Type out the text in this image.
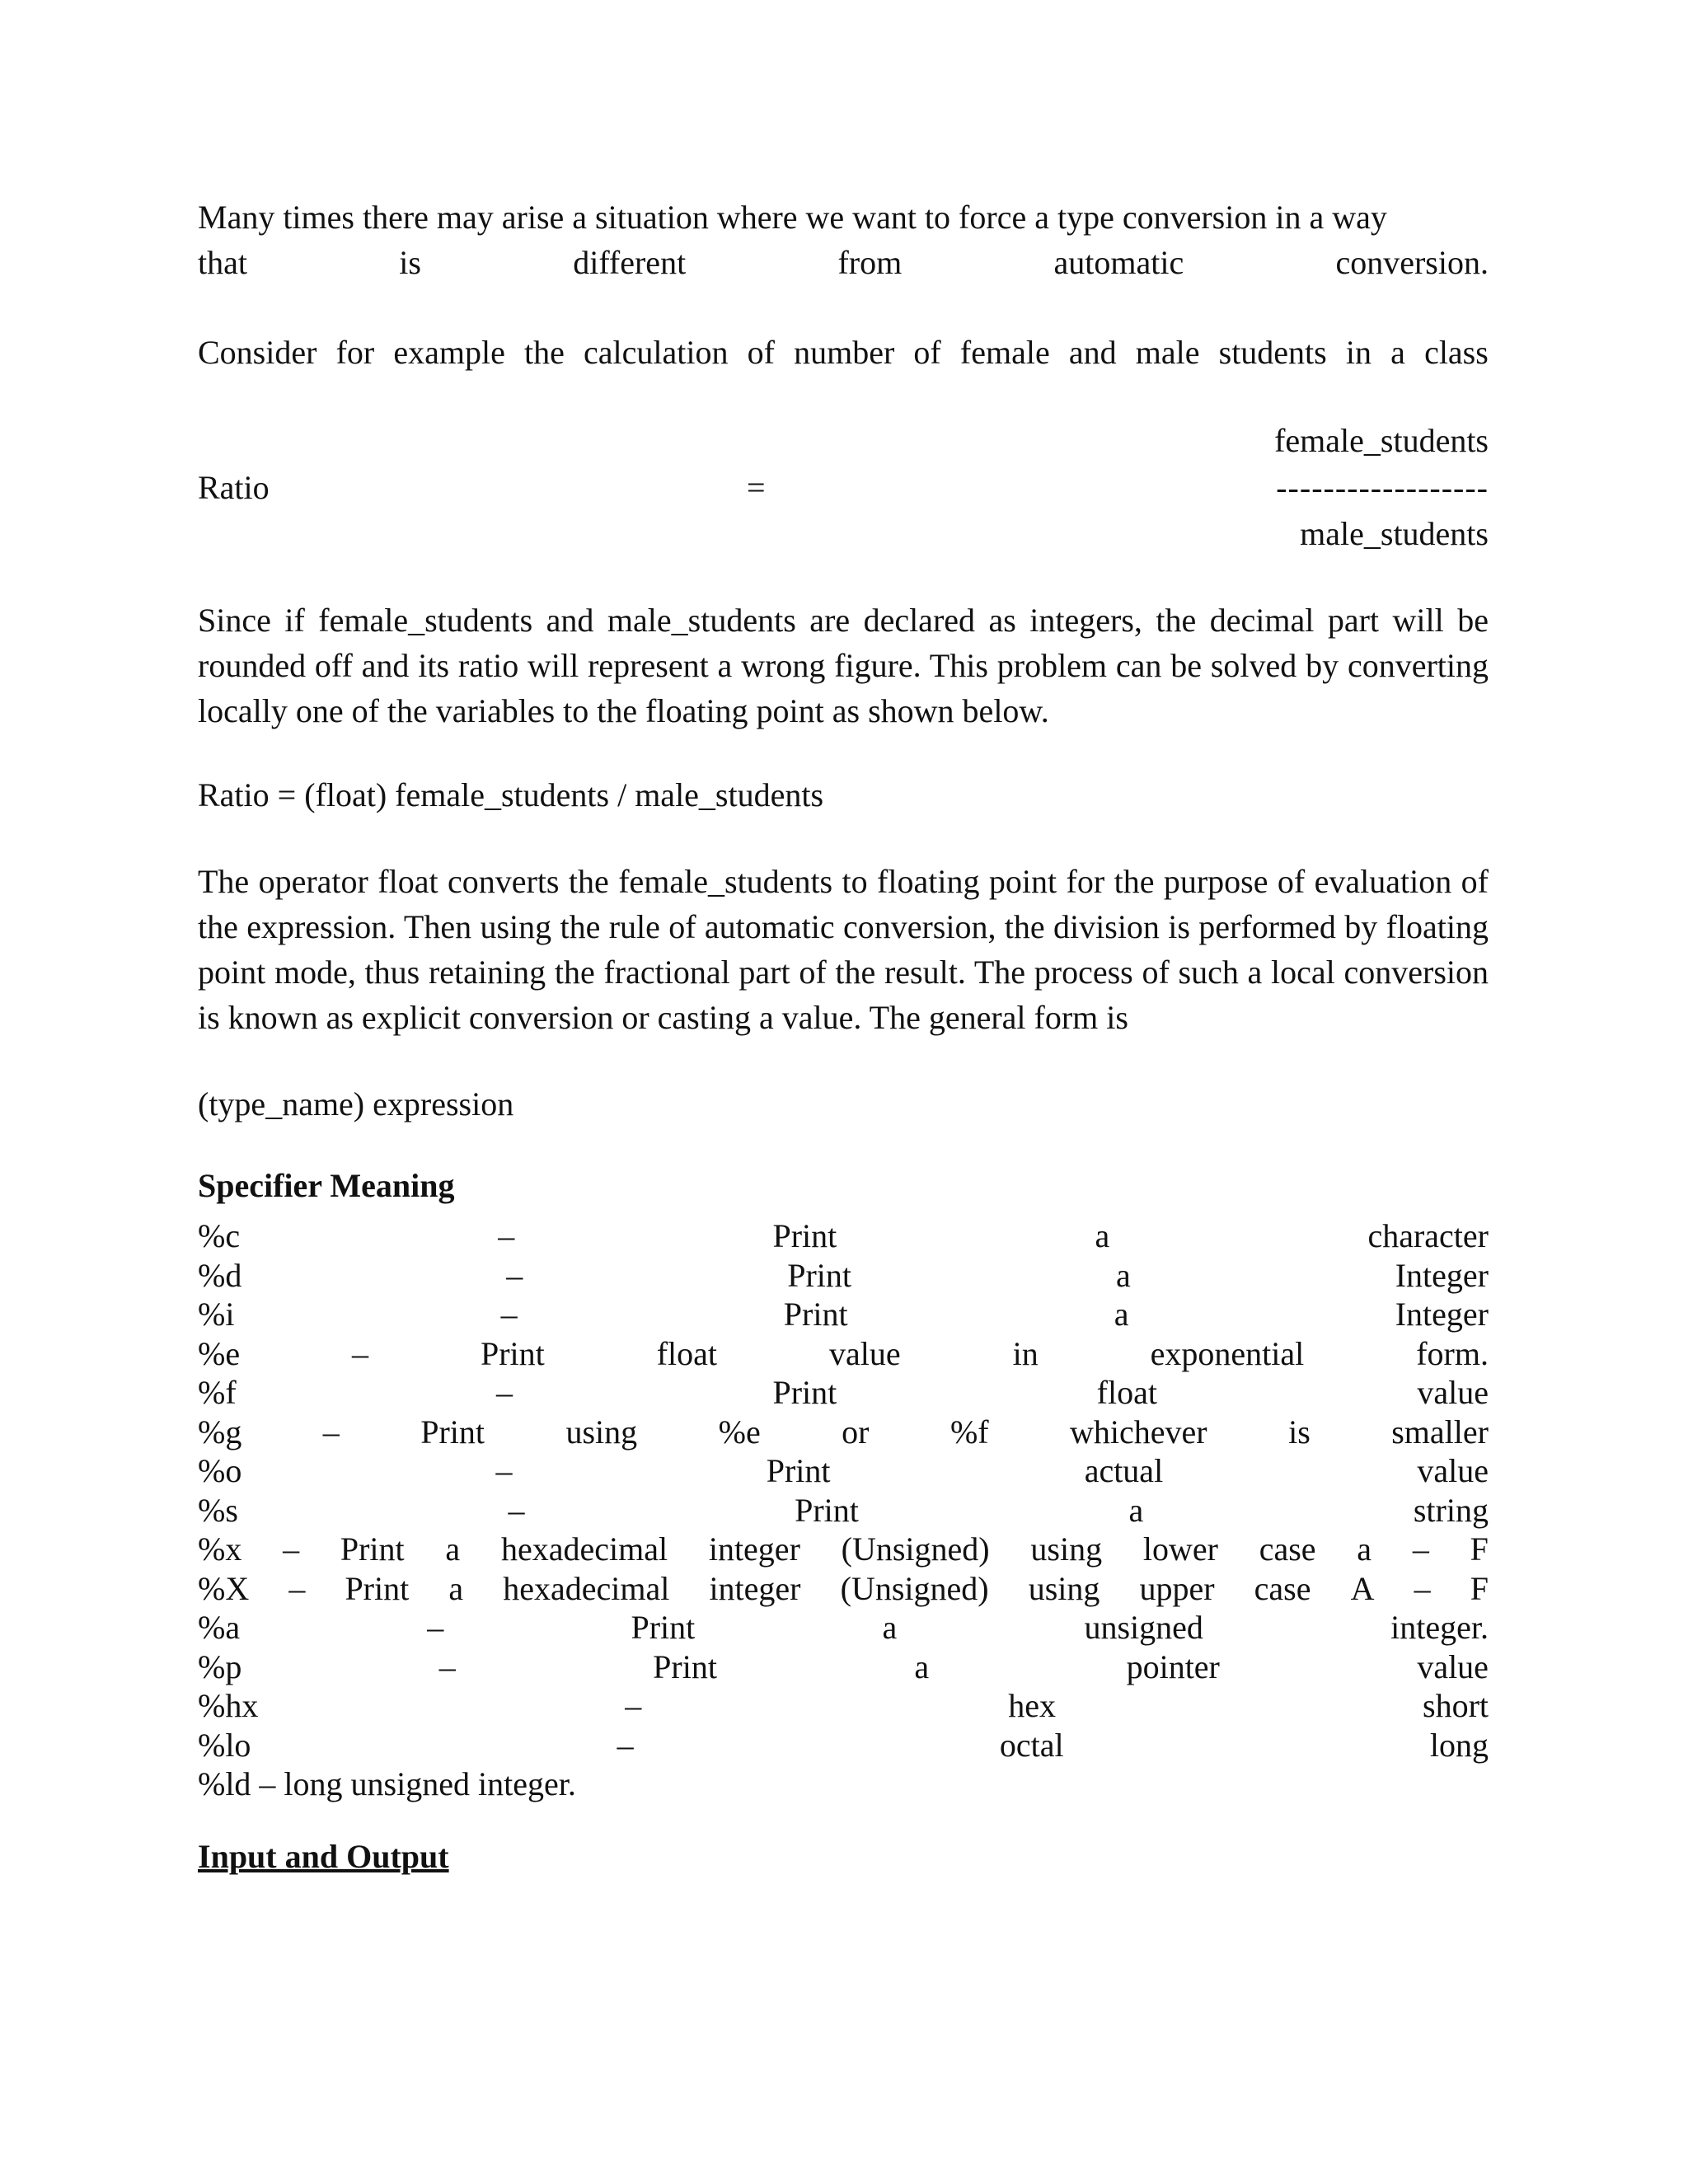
Many times there may arise a situation where we want to force a type conversion in a way
that	is	different	from	automatic	conversion.
Consider for example the calculation of number of female and male students in a class
Ratio	=
female_students
------------------
male_students

Since if female_students and male_students are declared as integers, the decimal part will be rounded off and its ratio will represent a wrong figure. This problem can be solved by converting locally one of the variables to the floating point as shown below.

Ratio = (float) female_students / male_students

The operator float converts the female_students to floating point for the purpose of evaluation of the expression. Then using the rule of automatic conversion, the division is performed by floating point mode, thus retaining the fractional part of the result. The process of such a local conversion is known as explicit conversion or casting a value. The general form is

(type_name) expression

Specifier Meaning

%c	–	Print	a	character
%d	–	Print	a	Integer
%i	–	Print	a	Integer
%e	–	Print	float	value	in	exponential	form.
%f	–	Print	float	value
%g – Print using %e or %f whichever is smaller
%o	–	Print	actual	value
%s	–	Print	a	string
%x – Print a hexadecimal integer (Unsigned) using lower case a – F
%X – Print a hexadecimal integer (Unsigned) using upper case A – F
%a	–	Print	a	unsigned	integer.
%p	–	Print	a	pointer	value
%hx	–	hex	short
%lo	–	octal	long
%ld – long unsigned integer.

Input and Output
